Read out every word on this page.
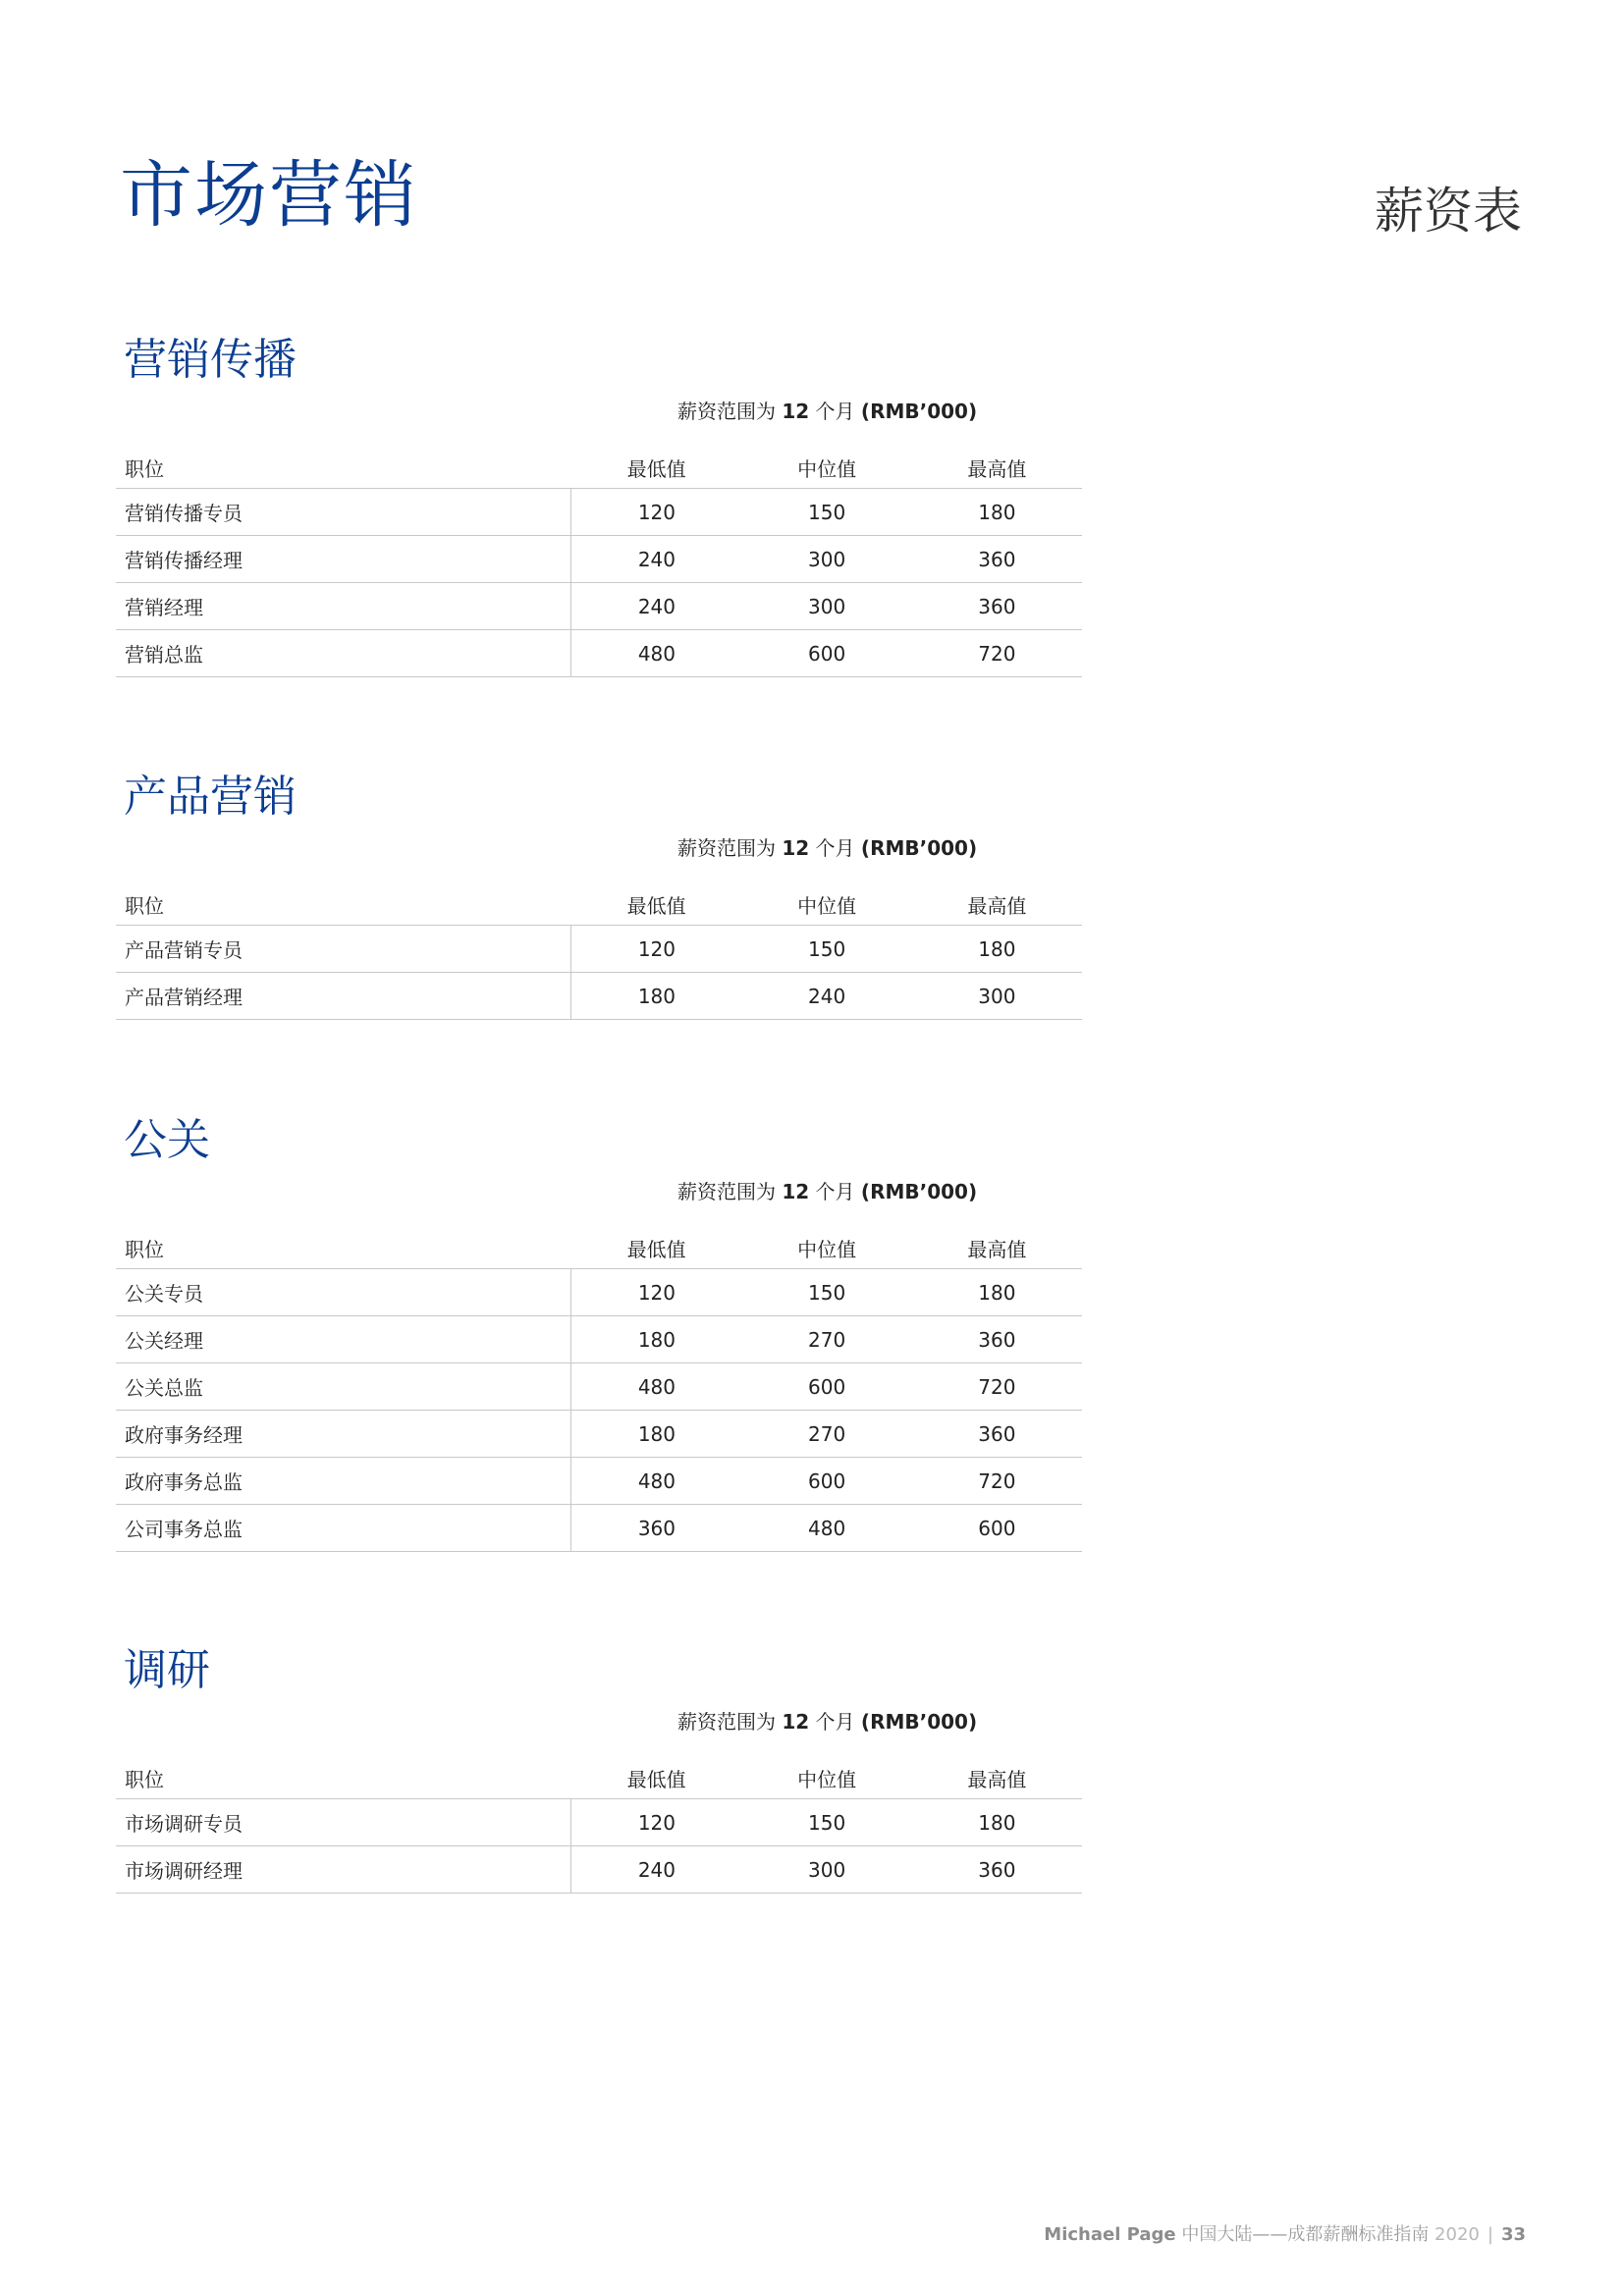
市场营销	薪资表
营销传播
薪资范围为 12 个月 (RMB’000)
职位	最低值	中位值	最高值
营销传播专员	120	150	180
营销传播经理	240	300	360
营销经理	240	300	360
营销总监	480	600	720
产品营销
薪资范围为 12 个月 (RMB’000)
职位	最低值	中位值	最高值
产品营销专员	120	150	180
产品营销经理	180	240	300
公关
薪资范围为 12 个月 (RMB’000)
职位	最低值	中位值	最高值
公关专员	120	150	180
公关经理	180	270	360
公关总监	480	600	720
政府事务经理	180	270	360
政府事务总监	480	600	720
公司事务总监	360	480	600
调研
薪资范围为 12 个月 (RMB’000)
职位	最低值	中位值	最高值
市场调研专员	120	150	180
市场调研经理	240	300	360
Michael Page 中国大陆——成都薪酬标准指南 2020 | 33
